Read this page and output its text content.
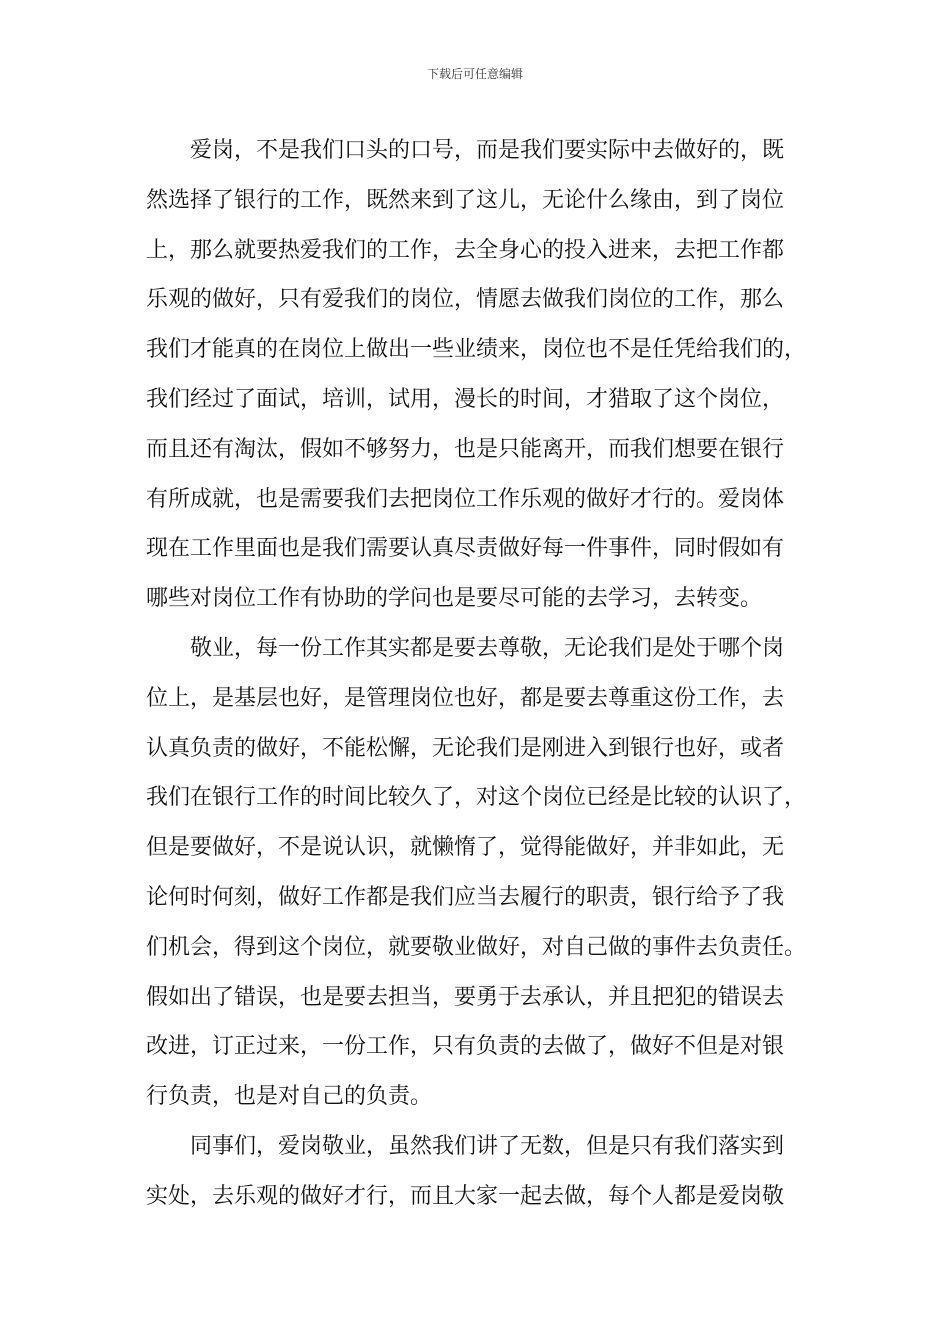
下载后可任意编辑
爱岗，不是我们口头的口号，而是我们要实际中去做好的，既
然选择了银行的工作，既然来到了这儿，无论什么缘由，到了岗位
上，那么就要热爱我们的工作，去全身心的投入进来，去把工作都
乐观的做好，只有爱我们的岗位，情愿去做我们岗位的工作，那么
我们才能真的在岗位上做出一些业绩来，岗位也不是任凭给我们的，
我们经过了面试，培训，试用，漫长的时间，才猎取了这个岗位，
而且还有淘汰，假如不够努力，也是只能离开，而我们想要在银行
有所成就，也是需要我们去把岗位工作乐观的做好才行的。爱岗体
现在工作里面也是我们需要认真尽责做好每一件事件，同时假如有
哪些对岗位工作有协助的学问也是要尽可能的去学习，去转变。
敬业，每一份工作其实都是要去尊敬，无论我们是处于哪个岗
位上，是基层也好，是管理岗位也好，都是要去尊重这份工作，去
认真负责的做好，不能松懈，无论我们是刚进入到银行也好，或者
我们在银行工作的时间比较久了，对这个岗位已经是比较的认识了，
但是要做好，不是说认识，就懒惰了，觉得能做好，并非如此，无
论何时何刻，做好工作都是我们应当去履行的职责，银行给予了我
们机会，得到这个岗位，就要敬业做好，对自己做的事件去负责任。
假如出了错误，也是要去担当，要勇于去承认，并且把犯的错误去
改进，订正过来，一份工作，只有负责的去做了，做好不但是对银
行负责，也是对自己的负责。
同事们，爱岗敬业，虽然我们讲了无数，但是只有我们落实到
实处，去乐观的做好才行，而且大家一起去做，每个人都是爱岗敬
